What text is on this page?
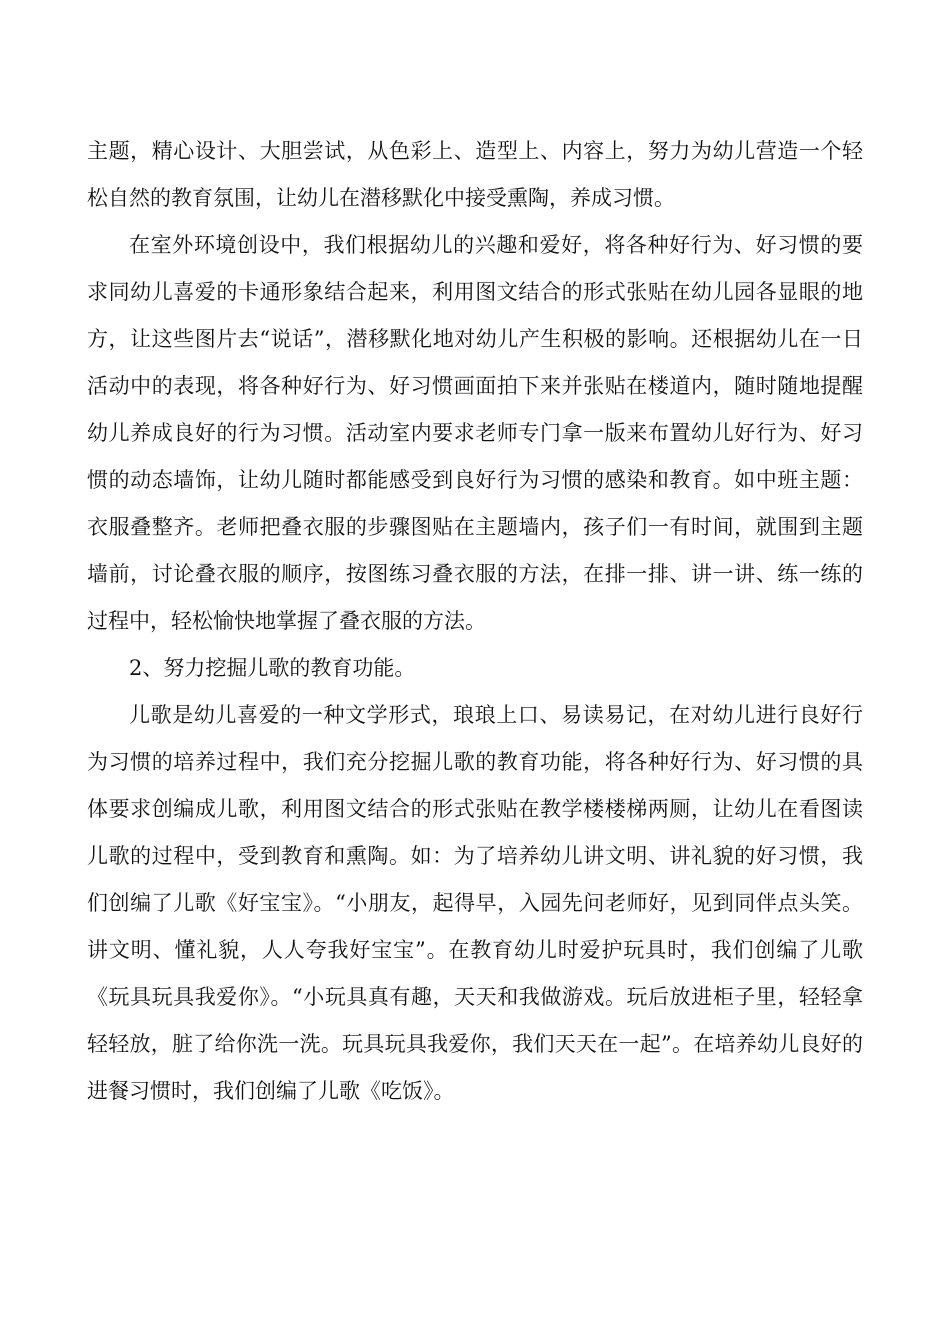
主题，精心设计、大胆尝试，从色彩上、造型上、内容上，努力为幼儿营造一个轻松自然的教育氛围，让幼儿在潜移默化中接受熏陶，养成习惯。

在室外环境创设中，我们根据幼儿的兴趣和爱好，将各种好行为、好习惯的要求同幼儿喜爱的卡通形象结合起来，利用图文结合的形式张贴在幼儿园各显眼的地方，让这些图片去“说话”，潜移默化地对幼儿产生积极的影响。还根据幼儿在一日活动中的表现，将各种好行为、好习惯画面拍下来并张贴在楼道内，随时随地提醒幼儿养成良好的行为习惯。活动室内要求老师专门拿一版来布置幼儿好行为、好习惯的动态墙饰，让幼儿随时都能感受到良好行为习惯的感染和教育。如中班主题：衣服叠整齐。老师把叠衣服的步骤图贴在主题墙内，孩子们一有时间，就围到主题墙前，讨论叠衣服的顺序，按图练习叠衣服的方法，在排一排、讲一讲、练一练的过程中，轻松愉快地掌握了叠衣服的方法。

2、努力挖掘儿歌的教育功能。

儿歌是幼儿喜爱的一种文学形式，琅琅上口、易读易记，在对幼儿进行良好行为习惯的培养过程中，我们充分挖掘儿歌的教育功能，将各种好行为、好习惯的具体要求创编成儿歌，利用图文结合的形式张贴在教学楼楼梯两厕，让幼儿在看图读儿歌的过程中，受到教育和熏陶。如：为了培养幼儿讲文明、讲礼貌的好习惯，我们创编了儿歌《好宝宝》。“小朋友，起得早，入园先问老师好，见到同伴点头笑。讲文明、懂礼貌，人人夸我好宝宝”。在教育幼儿时爱护玩具时，我们创编了儿歌《玩具玩具我爱你》。“小玩具真有趣，天天和我做游戏。玩后放进柜子里，轻轻拿轻轻放，脏了给你洗一洗。玩具玩具我爱你，我们天天在一起”。在培养幼儿良好的进餐习惯时，我们创编了儿歌《吃饭》。
